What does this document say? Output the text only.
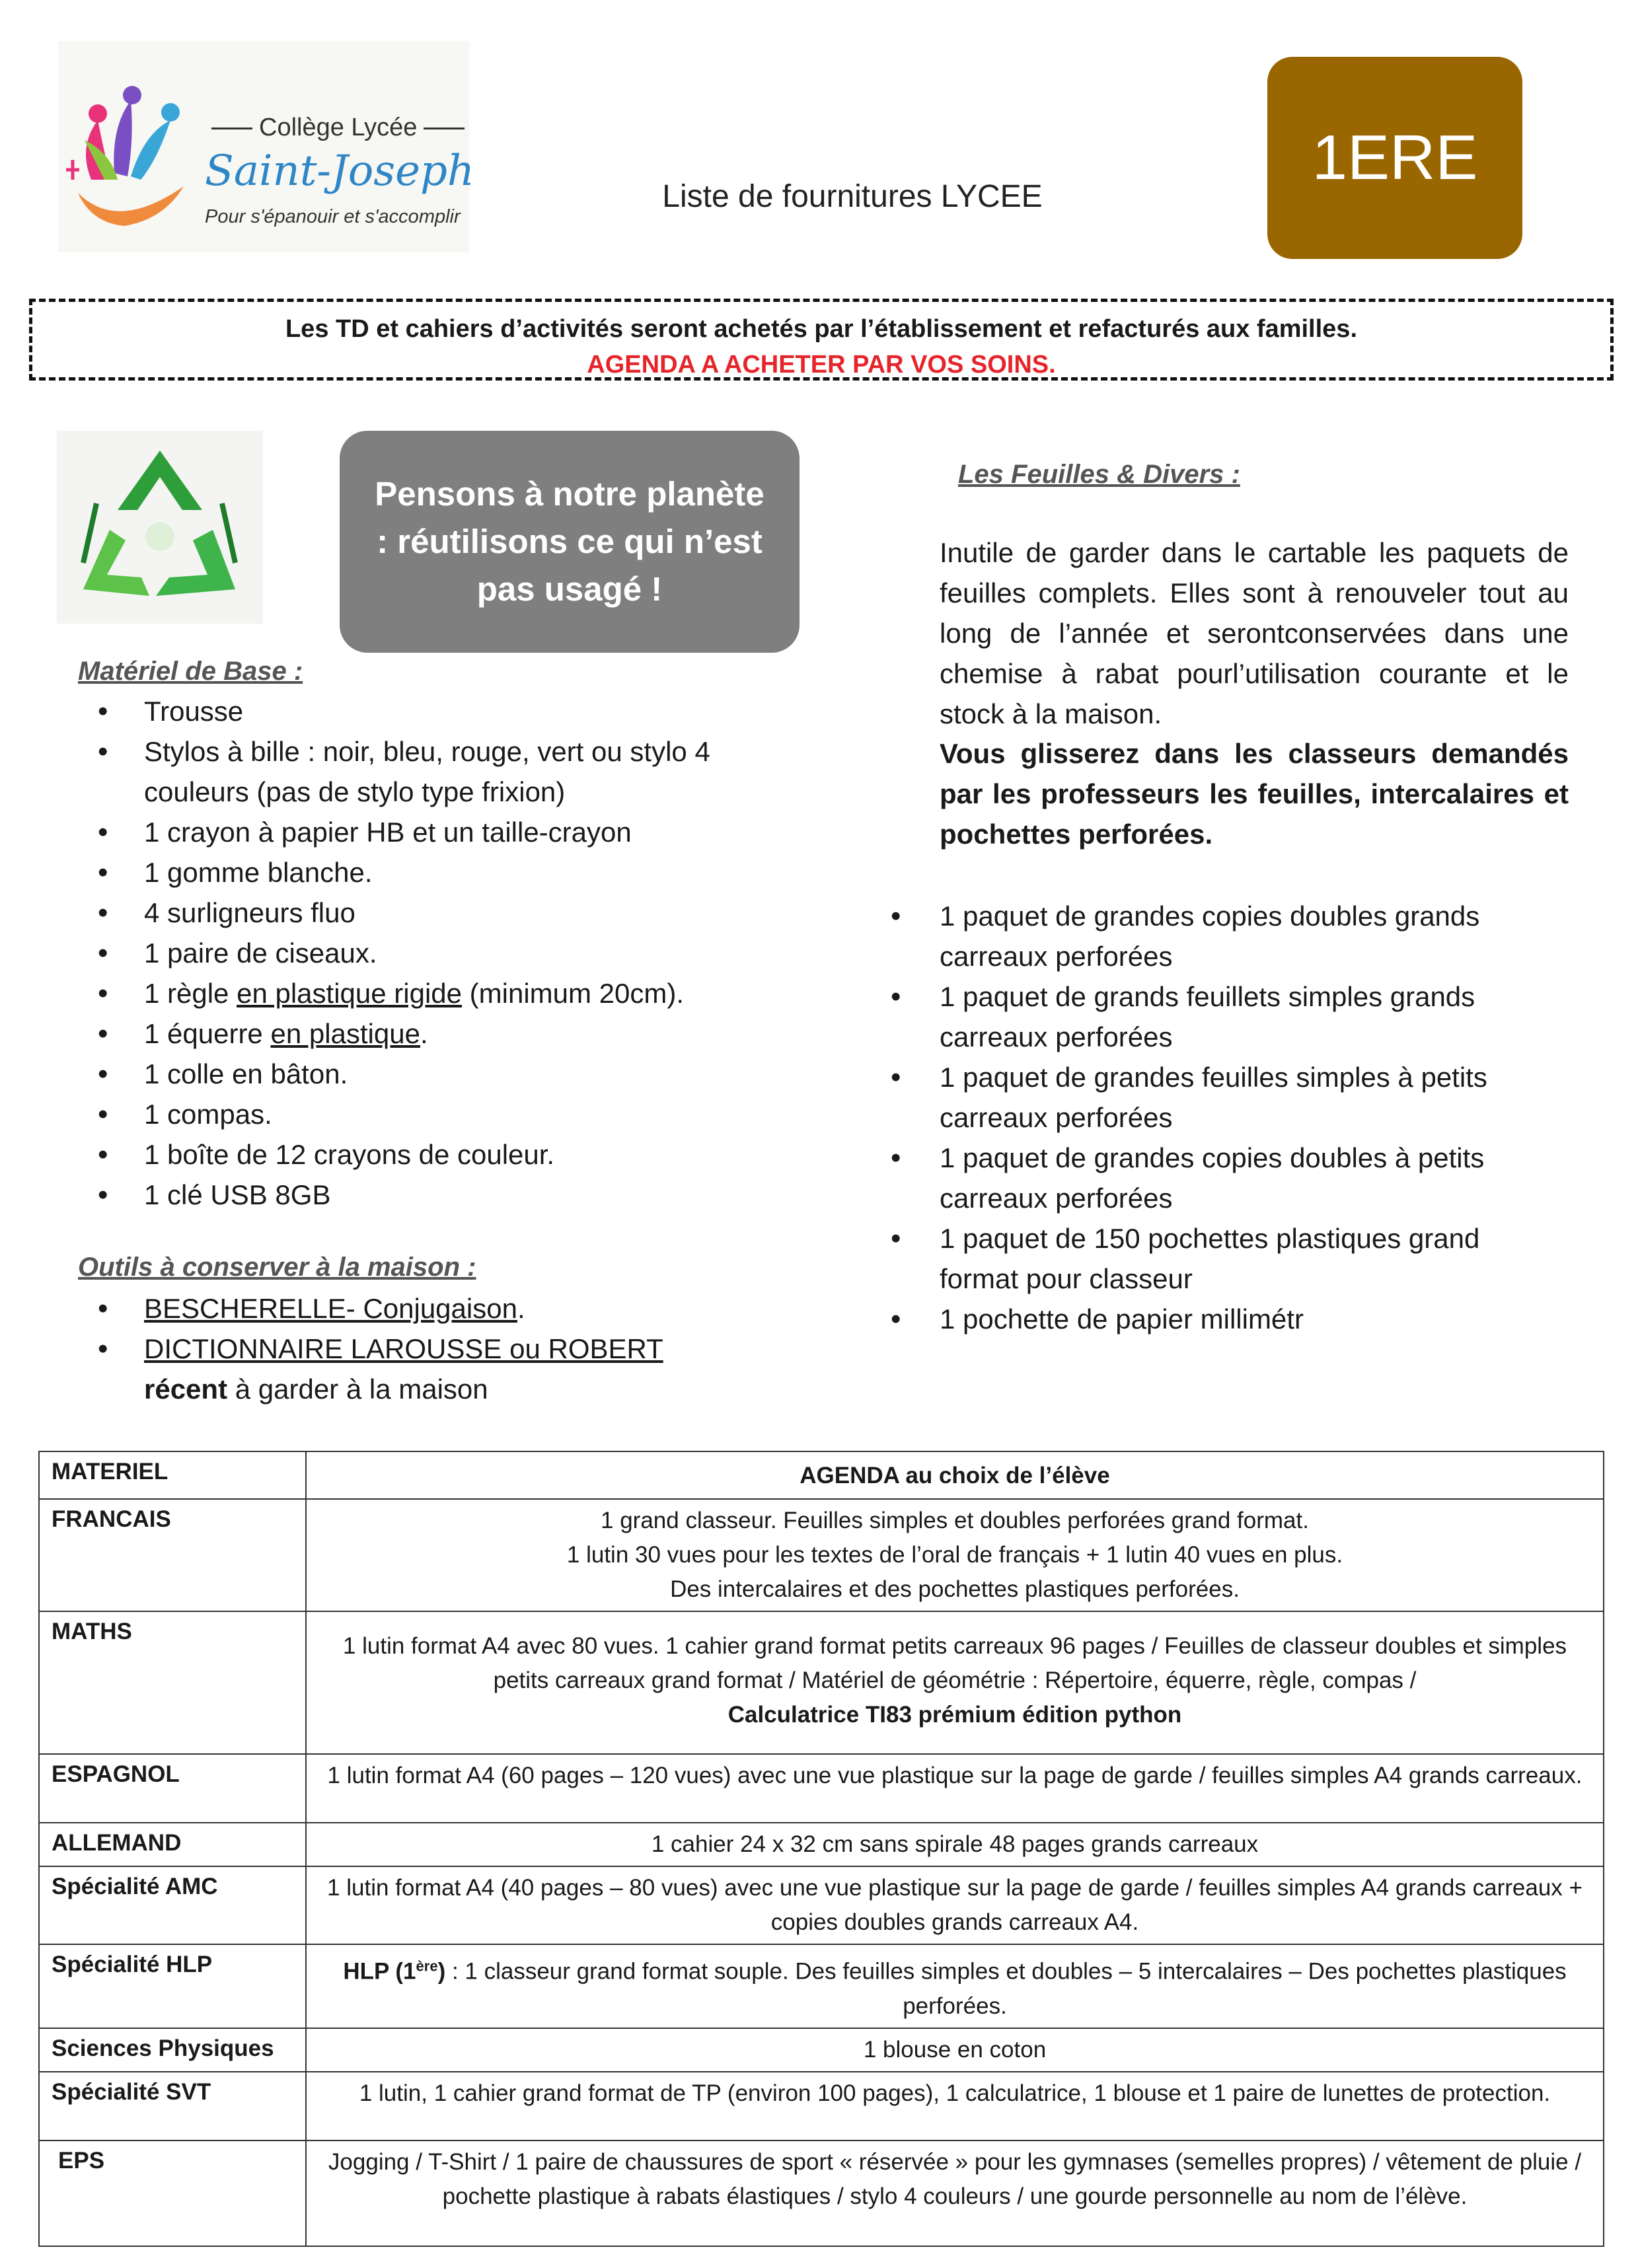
Collège Lycée
Saint-Joseph
Pour s'épanouir et s'accomplir
Liste de fournitures LYCEE
1ERE
Les TD et cahiers d’activités seront achetés par l’établissement et refacturés aux familles.
AGENDA A ACHETER PAR VOS SOINS.
Pensons à notre planète : réutilisons ce qui n’est pas usagé !
Matériel de Base :
• Trousse
• Stylos à bille : noir, bleu, rouge, vert ou stylo 4 couleurs (pas de stylo type frixion)
• 1 crayon à papier HB et un taille-crayon
• 1 gomme blanche.
• 4 surligneurs fluo
• 1 paire de ciseaux.
• 1 règle en plastique rigide (minimum 20cm).
• 1 équerre en plastique.
• 1 colle en bâton.
• 1 compas.
• 1 boîte de 12 crayons de couleur.
• 1 clé USB 8GB
Outils à conserver à la maison :
• BESCHERELLE- Conjugaison.
• DICTIONNAIRE LAROUSSE ou ROBERT
récent à garder à la maison
Les Feuilles & Divers :
Inutile de garder dans le cartable les paquets de feuilles complets. Elles sont à renouveler tout au long de l’année et serontconservées dans une chemise à rabat pourl’utilisation courante et le stock à la maison.
Vous glisserez dans les classeurs demandés par les professeurs les feuilles, intercalaires et pochettes perforées.
• 1 paquet de grandes copies doubles grands carreaux perforées
• 1 paquet de grands feuillets simples grands carreaux perforées
• 1 paquet de grandes feuilles simples à petits carreaux perforées
• 1 paquet de grandes copies doubles à petits carreaux perforées
• 1 paquet de 150 pochettes plastiques grand format pour classeur
• 1 pochette de papier millimétr
MATERIEL	AGENDA au choix de l’élève

FRANCAIS	1 grand classeur. Feuilles simples et doubles perforées grand format.
1 lutin 30 vues pour les textes de l’oral de français + 1 lutin 40 vues en plus.
Des intercalaires et des pochettes plastiques perforées.

MATHS	1 lutin format A4 avec 80 vues. 1 cahier grand format petits carreaux 96 pages / Feuilles de classeur doubles et simples petits carreaux grand format / Matériel de géométrie : Répertoire, équerre, règle, compas /
Calculatrice TI83 prémium édition python

ESPAGNOL	1 lutin format A4 (60 pages – 120 vues) avec une vue plastique sur la page de garde / feuilles simples A4 grands carreaux.
ALLEMAND	1 cahier 24 x 32 cm sans spirale 48 pages grands carreaux
Spécialité AMC	1 lutin format A4 (40 pages – 80 vues) avec une vue plastique sur la page de garde / feuilles simples A4 grands carreaux + copies doubles grands carreaux A4.
Spécialité HLP	HLP (1ère) : 1 classeur grand format souple. Des feuilles simples et doubles – 5 intercalaires – Des pochettes plastiques perforées.
Sciences Physiques	1 blouse en coton
Spécialité SVT	1 lutin, 1 cahier grand format de TP (environ 100 pages), 1 calculatrice, 1 blouse et 1 paire de lunettes de protection.
EPS	Jogging / T-Shirt / 1 paire de chaussures de sport « réservée » pour les gymnases (semelles propres) / vêtement de pluie / pochette plastique à rabats élastiques / stylo 4 couleurs / une gourde personnelle au nom de l’élève.
